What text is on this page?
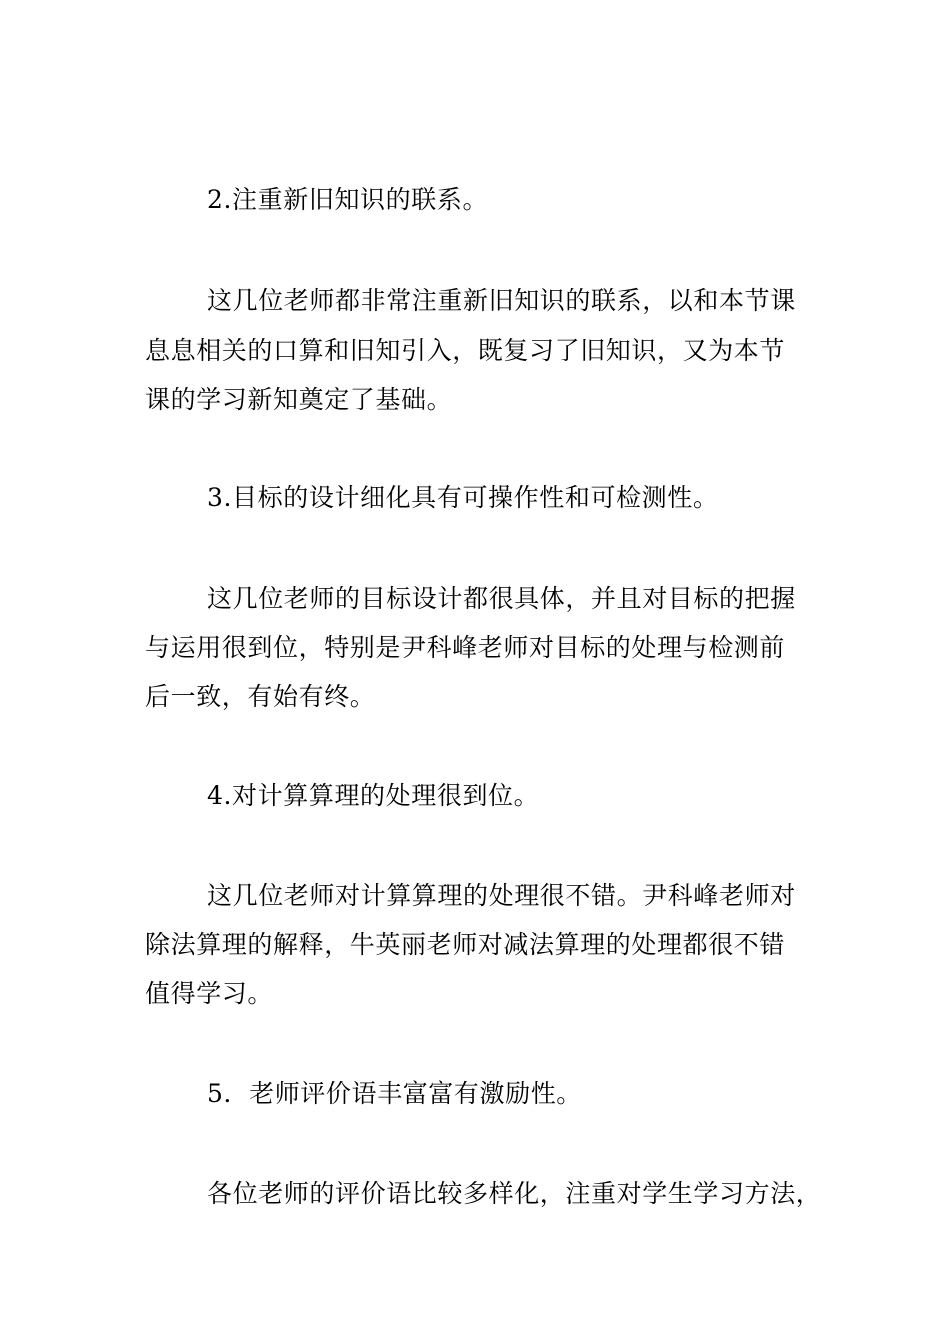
2.注重新旧知识的联系。
这几位老师都非常注重新旧知识的联系，以和本节课
息息相关的口算和旧知引入，既复习了旧知识，又为本节
课的学习新知奠定了基础。
3.目标的设计细化具有可操作性和可检测性。
这几位老师的目标设计都很具体，并且对目标的把握
与运用很到位，特别是尹科峰老师对目标的处理与检测前
后一致，有始有终。
4.对计算算理的处理很到位。
这几位老师对计算算理的处理很不错。尹科峰老师对
除法算理的解释，牛英丽老师对减法算理的处理都很不错
值得学习。
5．老师评价语丰富富有激励性。
各位老师的评价语比较多样化，注重对学生学习方法，
